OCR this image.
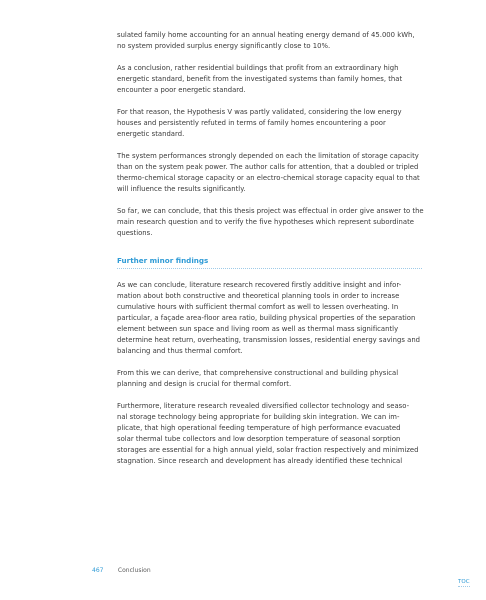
sulated family home accounting for an annual heating energy demand of 45.000 kWh,
no system provided surplus energy significantly close to 10%.

As a conclusion, rather residential buildings that profit from an extraordinary high
energetic standard, benefit from the investigated systems than family homes, that
encounter a poor energetic standard.

For that reason, the Hypothesis V was partly validated, considering the low energy
houses and persistently refuted in terms of family homes encountering a poor
energetic standard.

The system performances strongly depended on each the limitation of storage capacity
than on the system peak power. The author calls for attention, that a doubled or tripled
thermo-chemical storage capacity or an electro-chemical storage capacity equal to that
will influence the results significantly.

So far, we can conclude, that this thesis project was effectual in order give answer to the
main research question and to verify the five hypotheses which represent subordinate
questions.

Further minor findings

As we can conclude, literature research recovered firstly additive insight and infor-
mation about both constructive and theoretical planning tools in order to increase
cumulative hours with sufficient thermal comfort as well to lessen overheating. In
particular, a façade area-floor area ratio, building physical properties of the separation
element between sun space and living room as well as thermal mass significantly
determine heat return, overheating, transmission losses, residential energy savings and
balancing and thus thermal comfort.

From this we can derive, that comprehensive constructional and building physical
planning and design is crucial for thermal comfort.

Furthermore, literature research revealed diversified collector technology and seaso-
nal storage technology being appropriate for building skin integration. We can im-
plicate, that high operational feeding temperature of high performance evacuated
solar thermal tube collectors and low desorption temperature of seasonal sorption
storages are essential for a high annual yield, solar fraction respectively and minimized
stagnation. Since research and development has already identified these technical

467 Conclusion
TOC
